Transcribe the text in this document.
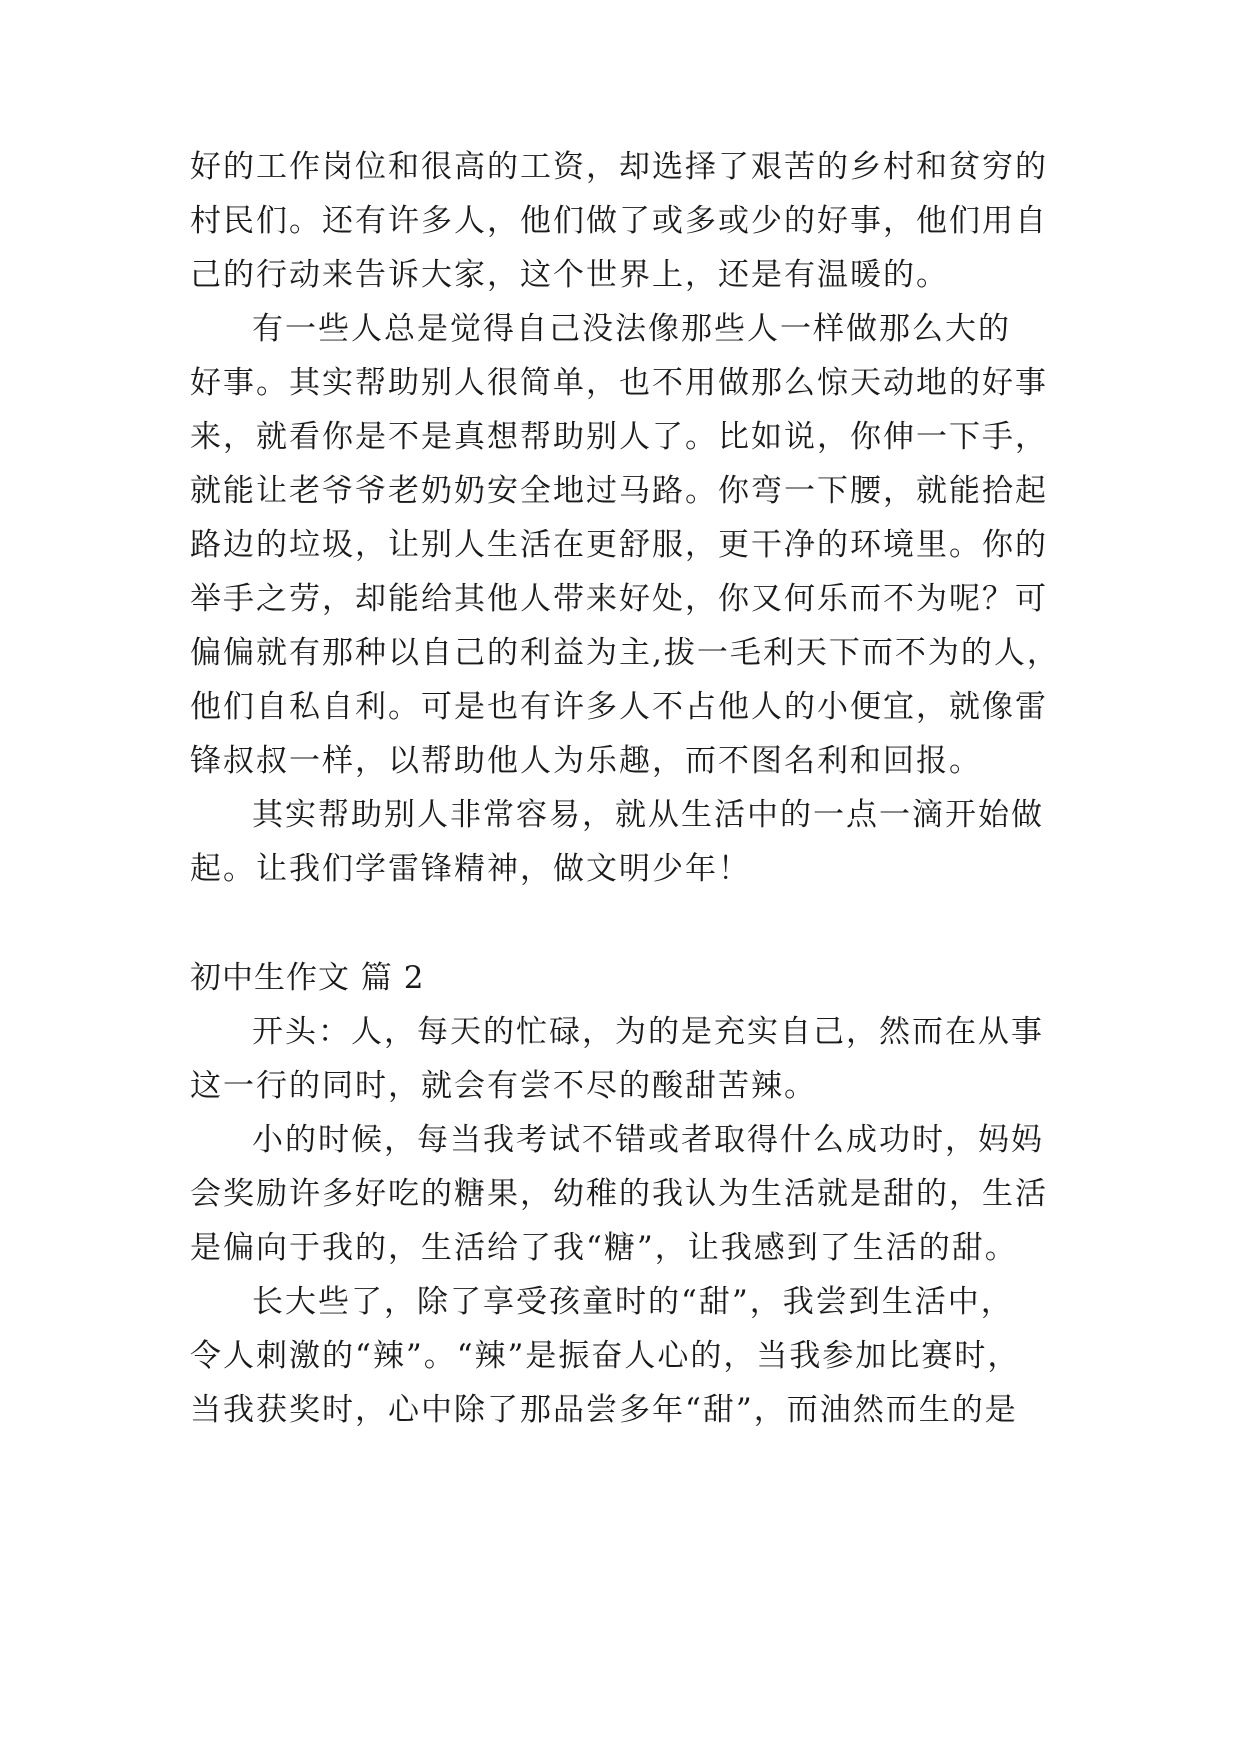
好的工作岗位和很高的工资，却选择了艰苦的乡村和贫穷的

村民们。还有许多人，他们做了或多或少的好事，他们用自

己的行动来告诉大家，这个世界上，还是有温暖的。

有一些人总是觉得自己没法像那些人一样做那么大的

好事。其实帮助别人很简单，也不用做那么惊天动地的好事

来，就看你是不是真想帮助别人了。比如说，你伸一下手，

就能让老爷爷老奶奶安全地过马路。你弯一下腰，就能拾起

路边的垃圾，让别人生活在更舒服，更干净的环境里。你的

举手之劳，却能给其他人带来好处，你又何乐而不为呢？可

偏偏就有那种以自己的利益为主,拔一毛利天下而不为的人，

他们自私自利。可是也有许多人不占他人的小便宜，就像雷

锋叔叔一样，以帮助他人为乐趣，而不图名利和回报。

其实帮助别人非常容易，就从生活中的一点一滴开始做

起。让我们学雷锋精神，做文明少年！

初中生作文 篇 2

开头：人，每天的忙碌，为的是充实自己，然而在从事

这一行的同时，就会有尝不尽的酸甜苦辣。

小的时候，每当我考试不错或者取得什么成功时，妈妈

会奖励许多好吃的糖果，幼稚的我认为生活就是甜的，生活

是偏向于我的，生活给了我“糖”，让我感到了生活的甜。

长大些了，除了享受孩童时的“甜”，我尝到生活中，

令人刺激的“辣”。“辣”是振奋人心的，当我参加比赛时，

当我获奖时，心中除了那品尝多年“甜”，而油然而生的是
